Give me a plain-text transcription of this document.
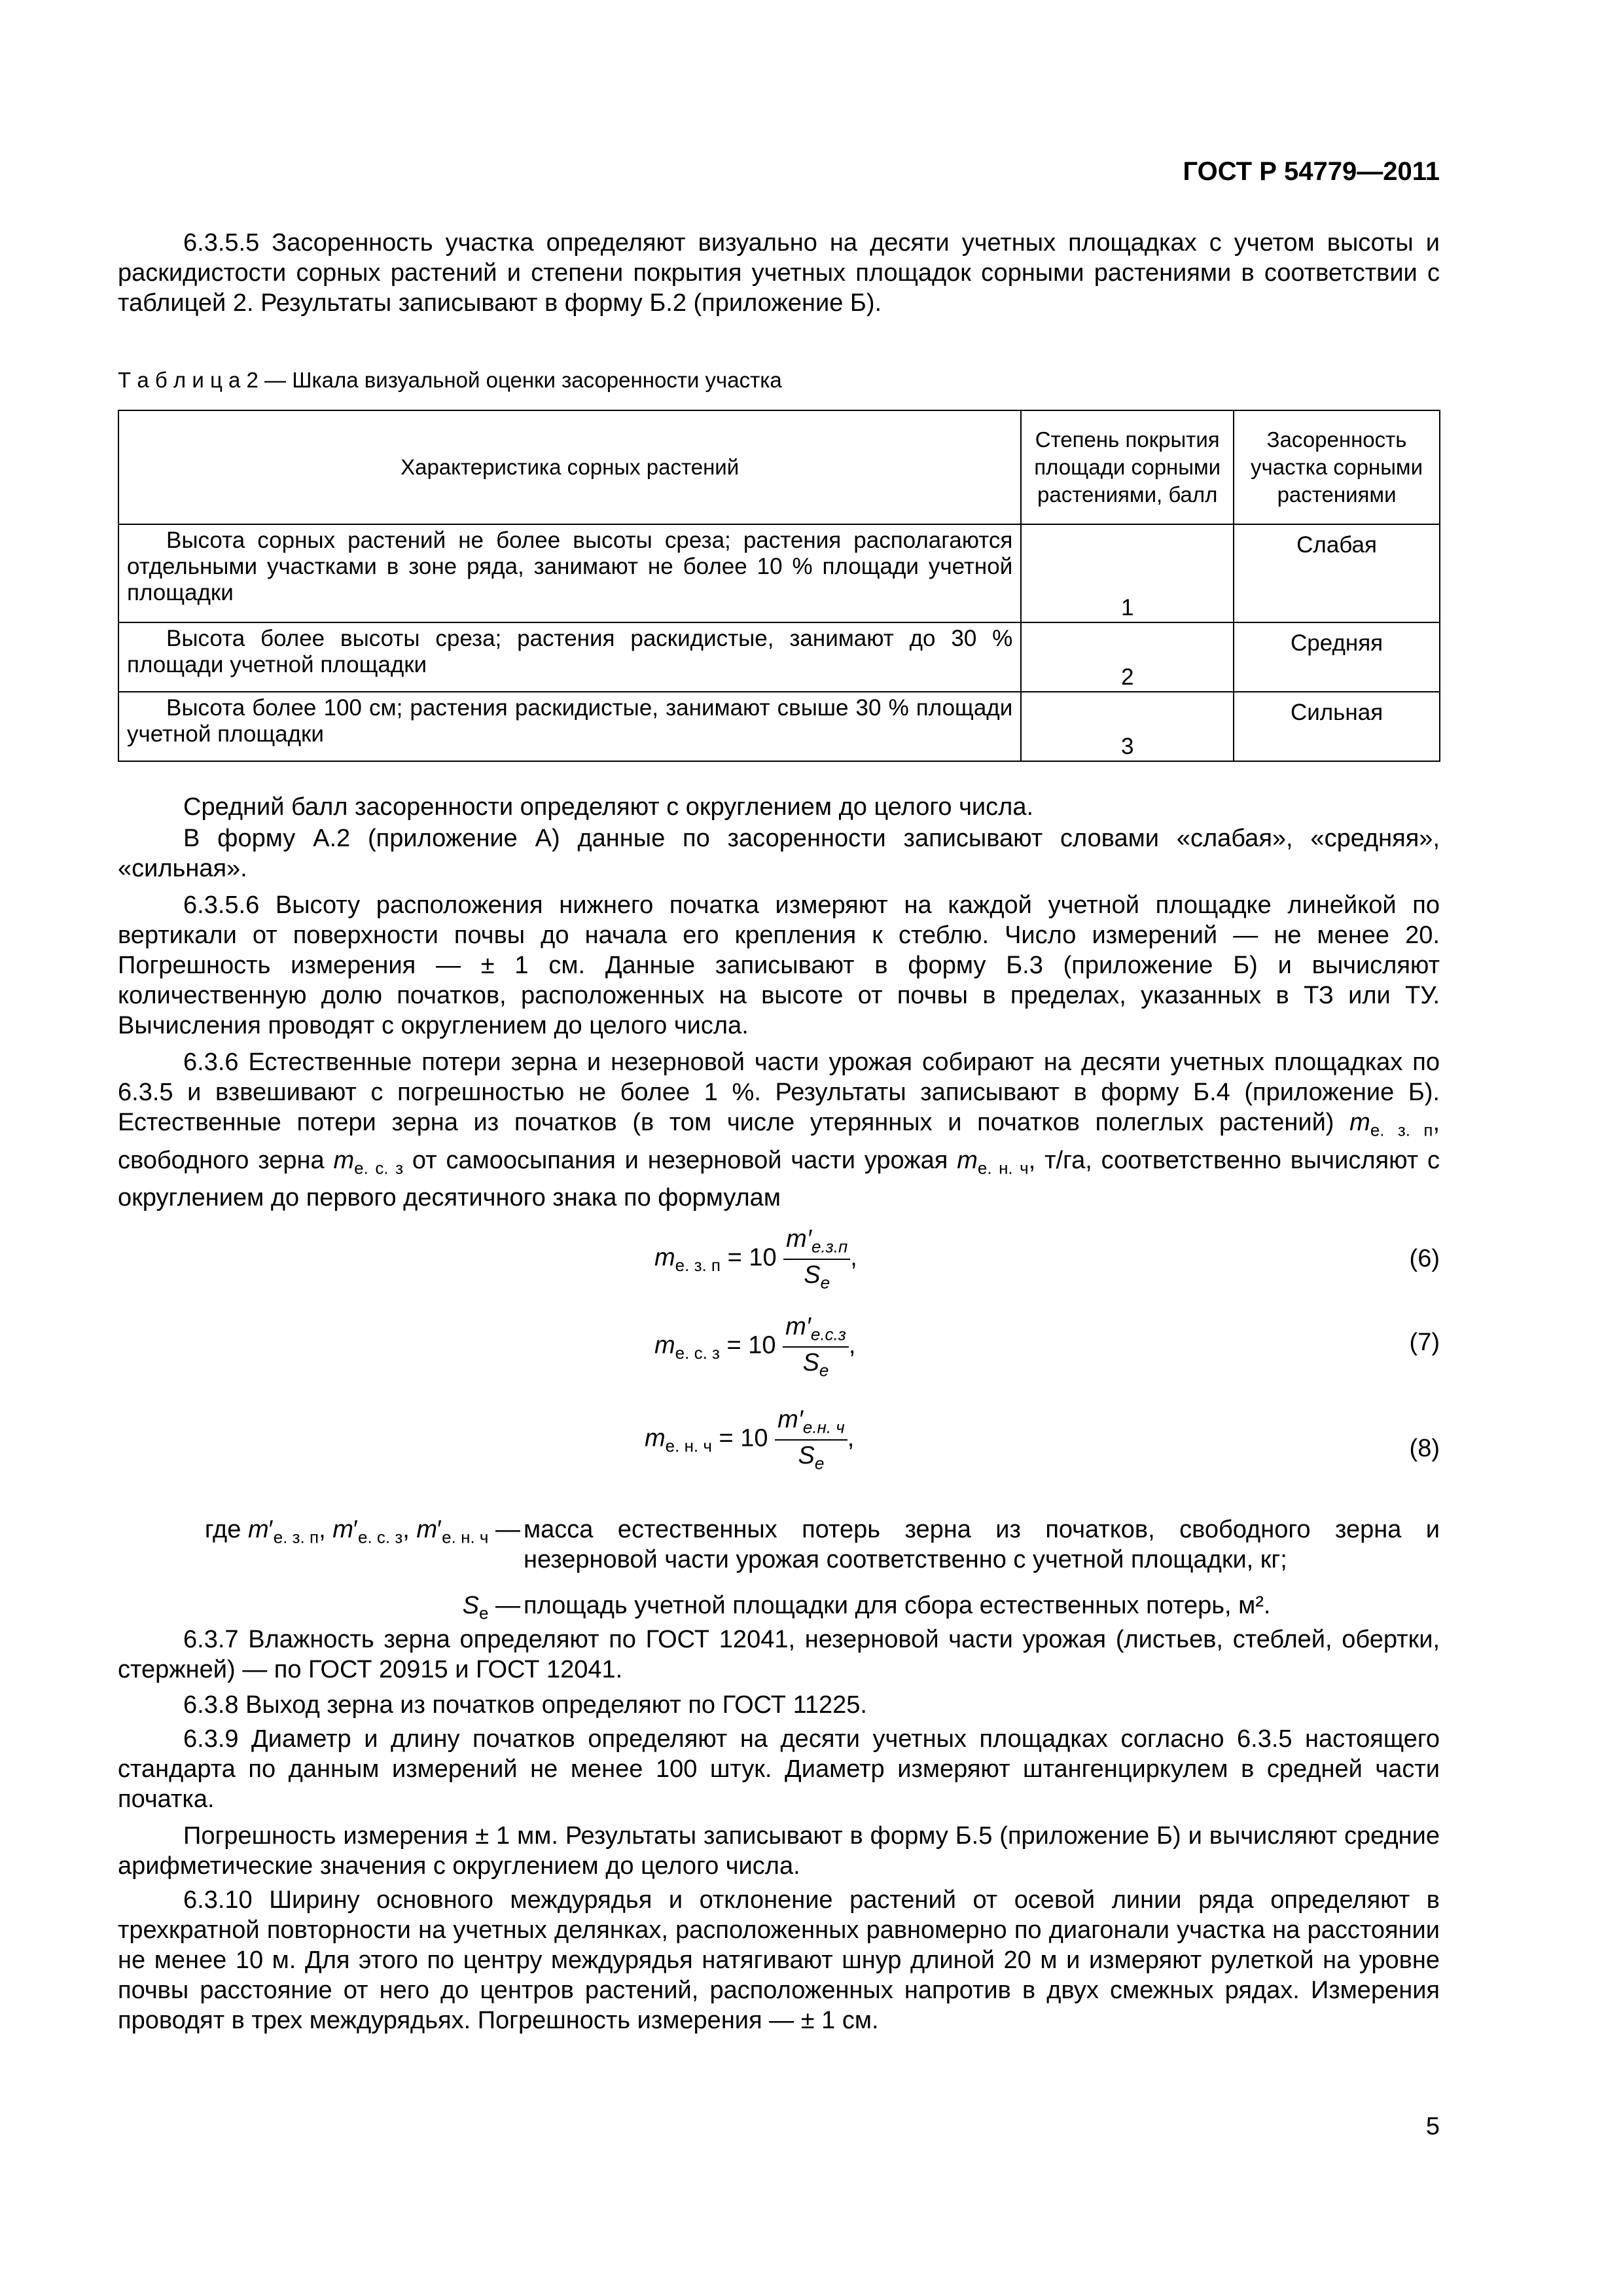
ГОСТ Р 54779—2011

6.3.5.5 Засоренность участка определяют визуально на десяти учетных площадках с учетом высоты и раскидистости сорных растений и степени покрытия учетных площадок сорными растениями в соответствии с таблицей 2. Результаты записывают в форму Б.2 (приложение Б).

Т а б л и ц а 2 — Шкала визуальной оценки засоренности участка
Характеристика сорных растений	Степень покрытия площади сорными растениями, балл	Засоренность участка сорными растениями
Высота сорных растений не более высоты среза; растения располагаются отдельными участками в зоне ряда, занимают не более 10 % площади учетной площадки	1	Слабая
Высота более высоты среза; растения раскидистые, занимают до 30 % площади учетной площадки	2	Средняя
Высота более 100 см; растения раскидистые, занимают свыше 30 % площади учетной площадки	3	Сильная

Средний балл засоренности определяют с округлением до целого числа.

В форму А.2 (приложение А) данные по засоренности записывают словами «слабая», «средняя», «сильная».

6.3.5.6 Высоту расположения нижнего початка измеряют на каждой учетной площадке линейкой по вертикали от поверхности почвы до начала его крепления к стеблю. Число измерений — не менее 20. Погрешность измерения — ± 1 см. Данные записывают в форму Б.3 (приложение Б) и вычисляют количественную долю початков, расположенных на высоте от почвы в пределах, указанных в ТЗ или ТУ. Вычисления проводят с округлением до целого числа.

6.3.6 Естественные потери зерна и незерновой части урожая собирают на десяти учетных площадках по 6.3.5 и взвешивают с погрешностью не более 1 %. Результаты записывают в форму Б.4 (приложение Б). Естественные потери зерна из початков (в том числе утерянных и початков полеглых растений) $m_{е. з. п}$, свободного зерна $m_{е. с. з}$ от самоосыпания и незерновой части урожая $m_{е. н. ч}$, т/га, соответственно вычисляют с округлением до первого десятичного знака по формулам

$m_{е. з. п} = 10 \frac{m'_{е.з.п}}{S_е}$ ,	(6)
$m_{е. с. з} = 10 \frac{m'_{е.с.з}}{S_е}$ ,	(7)
$m_{е. н. ч} = 10 \frac{m'_{е.н. ч}}{S_е}$ ,	(8)
где $m'_{е. з. п}$, $m'_{е. с. з}$, $m'_{е. н. ч}$ — масса естественных потерь зерна из початков, свободного зерна и незерновой части урожая соответственно с учетной площадки, кг;
$S_е$ — площадь учетной площадки для сбора естественных потерь, м².

6.3.7 Влажность зерна определяют по ГОСТ 12041, незерновой части урожая (листьев, стеблей, обертки, стержней) — по ГОСТ 20915 и ГОСТ 12041.

6.3.8 Выход зерна из початков определяют по ГОСТ 11225.

6.3.9 Диаметр и длину початков определяют на десяти учетных площадках согласно 6.3.5 настоящего стандарта по данным измерений не менее 100 штук. Диаметр измеряют штангенциркулем в средней части початка.

Погрешность измерения ± 1 мм. Результаты записывают в форму Б.5 (приложение Б) и вычисляют средние арифметические значения с округлением до целого числа.

6.3.10 Ширину основного междурядья и отклонение растений от осевой линии ряда определяют в трехкратной повторности на учетных делянках, расположенных равномерно по диагонали участка на расстоянии не менее 10 м. Для этого по центру междурядья натягивают шнур длиной 20 м и измеряют рулеткой на уровне почвы расстояние от него до центров растений, расположенных напротив в двух смежных рядах. Измерения проводят в трех междурядьях. Погрешность измерения — ± 1 см.

5
